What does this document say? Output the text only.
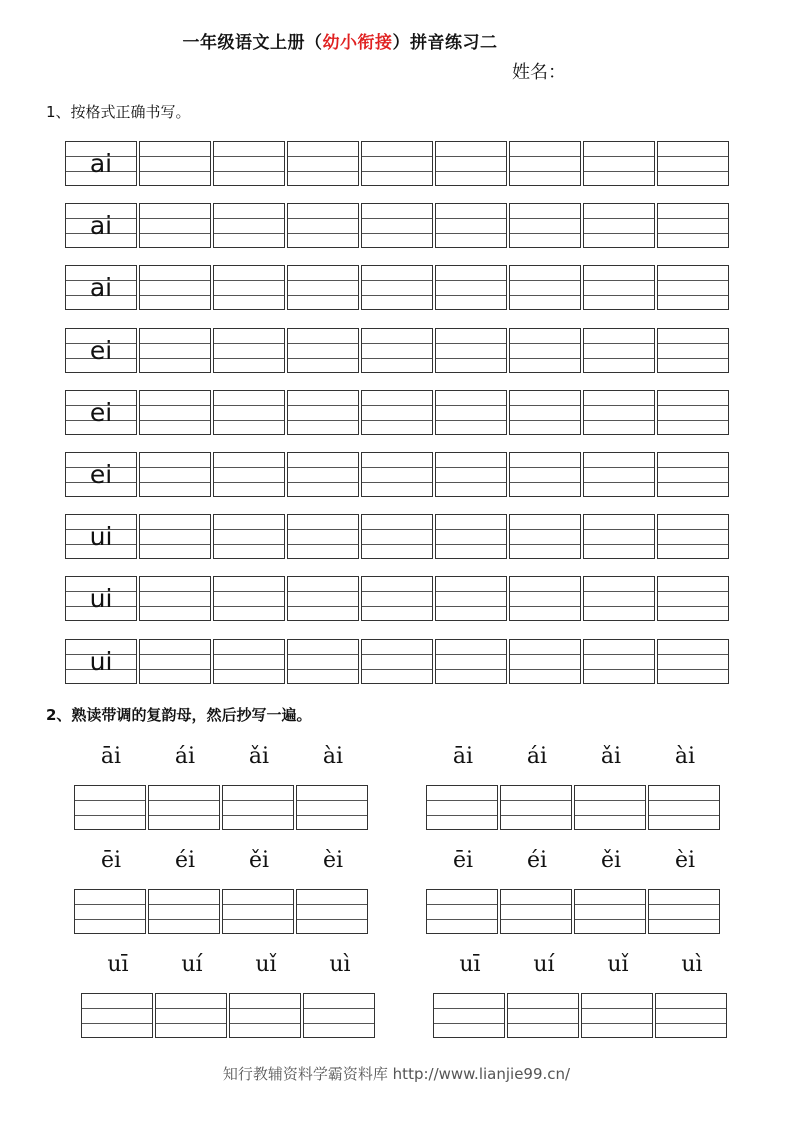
一年级语文上册（幼小衔接）拼音练习二
姓名：
1、按格式正确书写。
ai
ai
ai
ei
ei
ei
ui
ui
ui
2、熟读带调的复韵母，然后抄写一遍。
āi	ái	ǎi	ài	āi	ái	ǎi	ài
ēi	éi	ěi	èi	ēi	éi	ěi	èi
uī	uí	uǐ	uì	uī	uí	uǐ	uì
知行教辅资料学霸资料库 http://www.lianjie99.cn/
